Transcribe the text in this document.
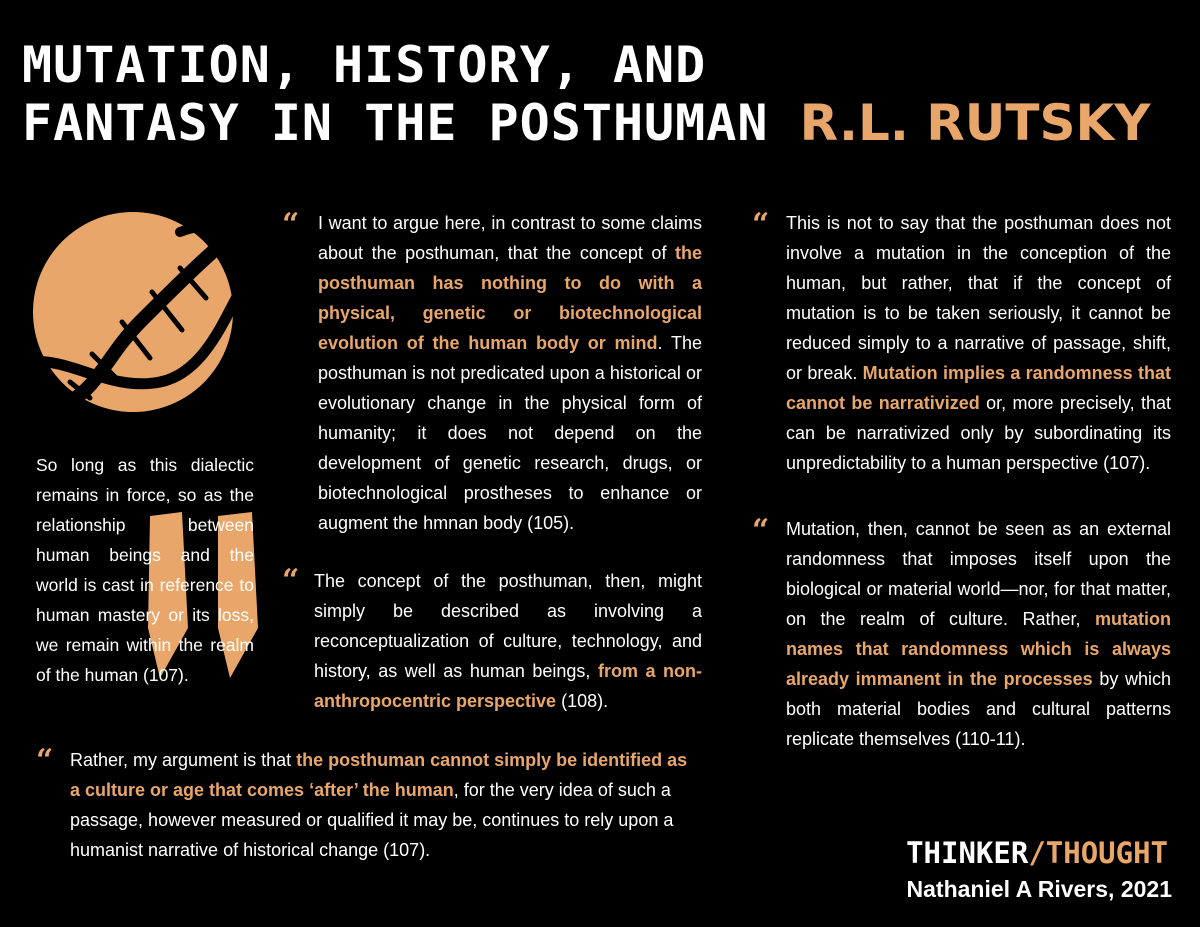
MUTATION, HISTORY, AND
FANTASY IN THE POSTHUMAN R.L. RUTSKY

So long as this dialectic remains in force, so as the relationship between human beings and the world is cast in reference to human mastery or its loss, we remain within the realm of the human (107).

“ I want to argue here, in contrast to some claims about the posthuman, that the concept of the posthuman has nothing to do with a physical, genetic or biotechnological evolution of the human body or mind. The posthuman is not predicated upon a historical or evolutionary change in the physical form of humanity; it does not depend on the development of genetic research, drugs, or biotechnological prostheses to enhance or augment the hmnan body (105).

“ The concept of the posthuman, then, might simply be described as involving a reconceptualization of culture, technology, and history, as well as human beings, from a non-anthropocentric perspective (108).

“ This is not to say that the posthuman does not involve a mutation in the conception of the human, but rather, that if the concept of mutation is to be taken seriously, it cannot be reduced simply to a narrative of passage, shift, or break. Mutation implies a randomness that cannot be narrativized or, more precisely, that can be narrativized only by subordinating its unpredictability to a human perspective (107).

“ Mutation, then, cannot be seen as an external randomness that imposes itself upon the biological or material world—nor, for that matter, on the realm of culture. Rather, mutation names that randomness which is always already immanent in the processes by which both material bodies and cultural patterns replicate themselves (110-11).

“ Rather, my argument is that the posthuman cannot simply be identified as a culture or age that comes ‘after’ the human, for the very idea of such a passage, however measured or qualified it may be, continues to rely upon a humanist narrative of historical change (107).	THINKER/THOUGHT
Nathaniel A Rivers, 2021
